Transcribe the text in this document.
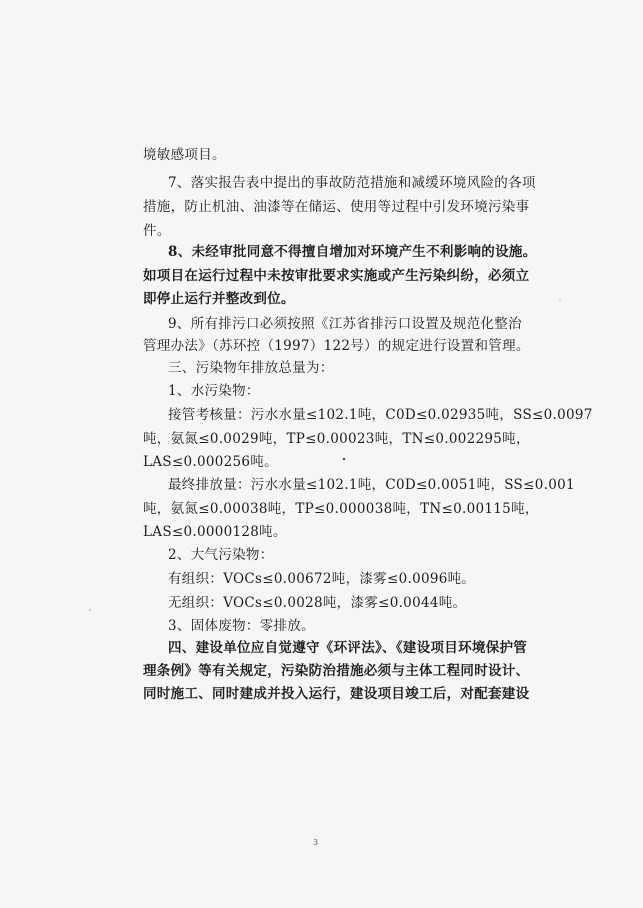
境敏感项目。
7、落实报告表中提出的事故防范措施和减缓环境风险的各项
措施，防止机油、油漆等在储运、使用等过程中引发环境污染事
件。
8、未经审批同意不得擅自增加对环境产生不利影响的设施。
如项目在运行过程中未按审批要求实施或产生污染纠纷，必须立
即停止运行并整改到位。
9、所有排污口必须按照《江苏省排污口设置及规范化整治
管理办法》（苏环控（1997）122号）的规定进行设置和管理。
三、污染物年排放总量为：
1、水污染物：
接管考核量：污水水量≤102.1吨，C0D≤0.02935吨，SS≤0.0097
吨， 氨氮≤0.0029 吨， TP≤0.00023 吨， TN≤0.002295 吨，
LAS≤0.000256吨。
最终排放量：污水水量≤102.1吨，C0D≤0.0051吨，SS≤0.001
吨， 氨氮≤0.00038 吨， TP≤0.000038 吨， TN≤0.00115 吨，
LAS≤0.0000128吨。
2、大气污染物：
有组织：VOCs≤0.00672吨，漆雾≤0.0096吨。
无组织：VOCs≤0.0028吨，漆雾≤0.0044吨。
3、固体废物：零排放。
四、建设单位应自觉遵守《环评法》、《建设项目环境保护管
理条例》等有关规定，污染防治措施必须与主体工程同时设计、
同时施工、同时建成并投入运行，建设项目竣工后，对配套建设
3
